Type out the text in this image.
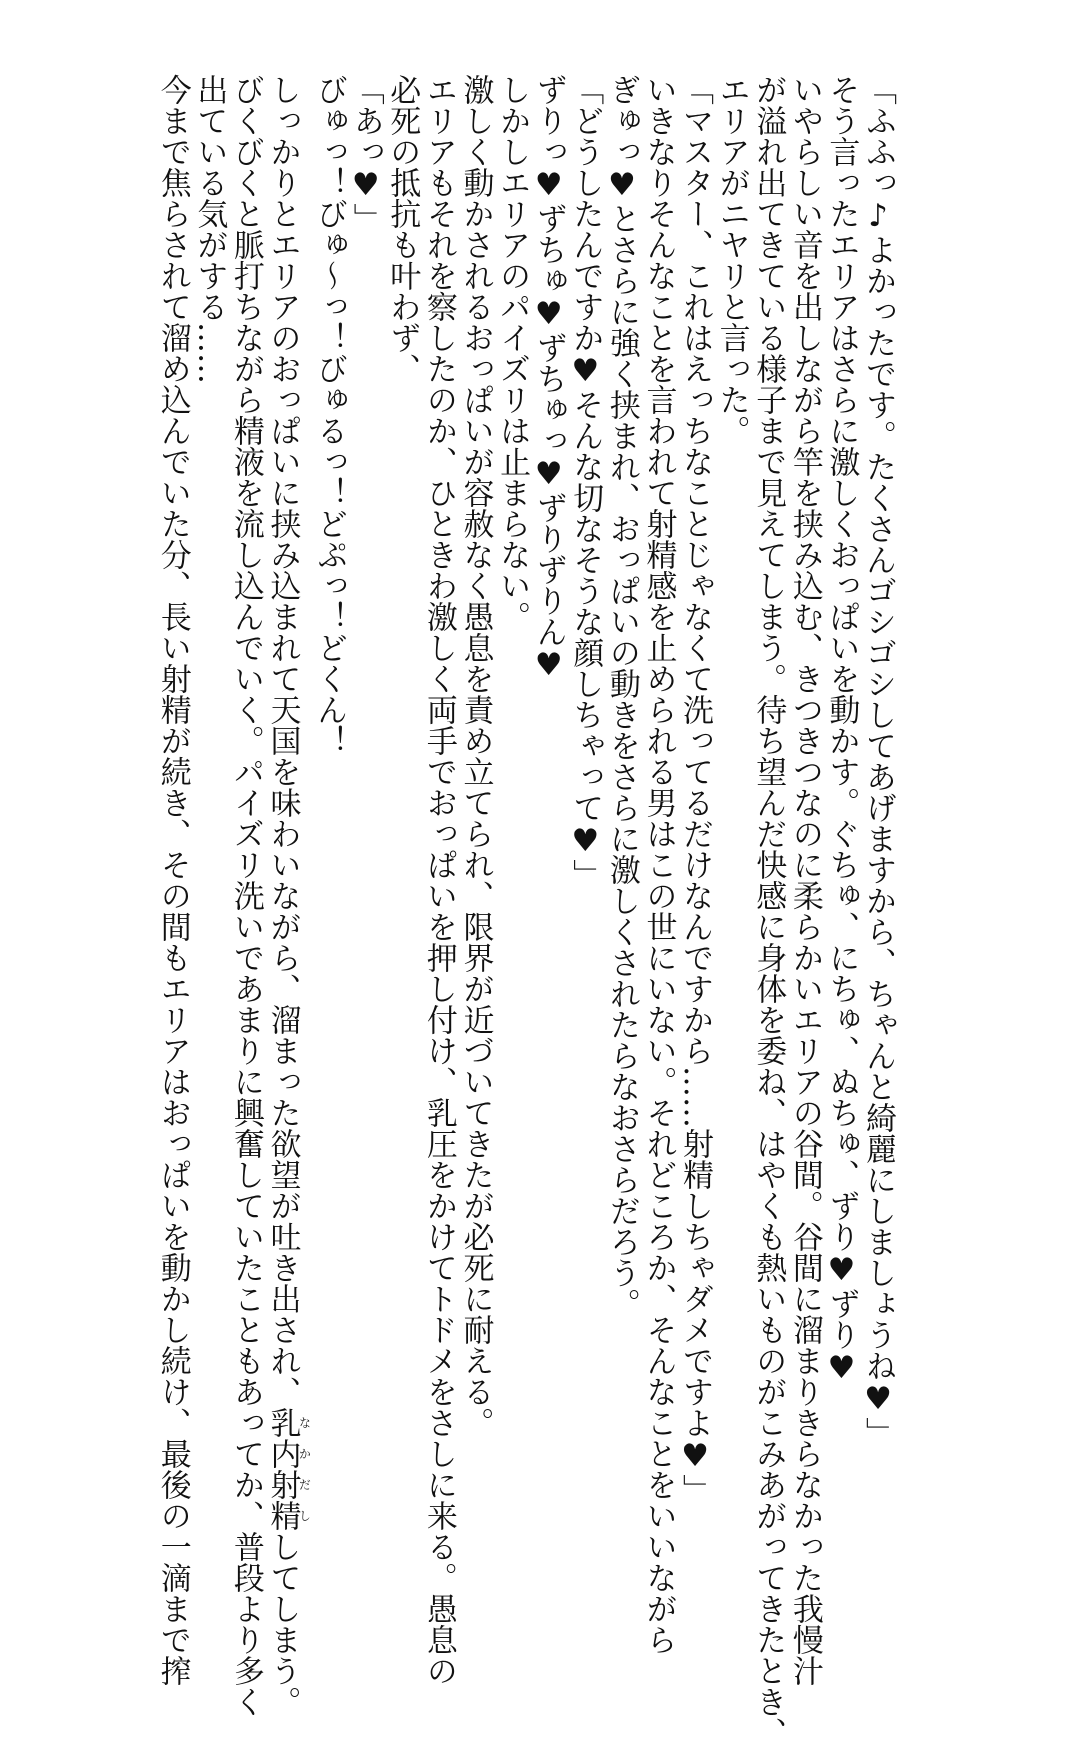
「ふふっ♪よかったです。たくさんゴシゴシしてあげますから、ちゃんと綺麗にしましょうね♥」
そう言ったエリアはさらに激しくおっぱいを動かす。ぐちゅ、にちゅ、ぬちゅ、ずり♥ずり♥
いやらしい音を出しながら竿を挟み込む、きつきつなのに柔らかいエリアの谷間。谷間に溜まりきらなかった我慢汁
が溢れ出てきている様子まで見えてしまう。待ち望んだ快感に身体を委ね、はやくも熱いものがこみあがってきたとき、
エリアがニヤリと言った。
「マスター、これはえっちなことじゃなくて洗ってるだけなんですから……射精しちゃダメですよ♥」
いきなりそんなことを言われて射精感を止められる男はこの世にいない。それどころか、そんなことをいいながら
ぎゅっ♥とさらに強く挟まれ、おっぱいの動きをさらに激しくされたらなおさらだろう。
「どうしたんですか♥そんな切なそうな顔しちゃって♥」
ずりっ♥ずちゅ♥ずちゅっ♥ずりずりん♥
しかしエリアのパイズリは止まらない。
激しく動かされるおっぱいが容赦なく愚息を責め立てられ、限界が近づいてきたが必死に耐える。
エリアもそれを察したのか、ひときわ激しく両手でおっぱいを押し付け、乳圧をかけてトドメをさしに来る。愚息の
必死の抵抗も叶わず、
「あっ♥」
びゅっ！びゅ～っ！びゅるっ！どぷっ！どくん！
しっかりとエリアのおっぱいに挟み込まれて天国を味わいながら、溜まった欲望が吐き出され、乳内射精なかだししてしまう。
びくびくと脈打ちながら精液を流し込んでいく。パイズリ洗いであまりに興奮していたこともあってか、普段より多く
出ている気がする……
今まで焦らされて溜め込んでいた分、長い射精が続き、その間もエリアはおっぱいを動かし続け、最後の一滴まで搾
